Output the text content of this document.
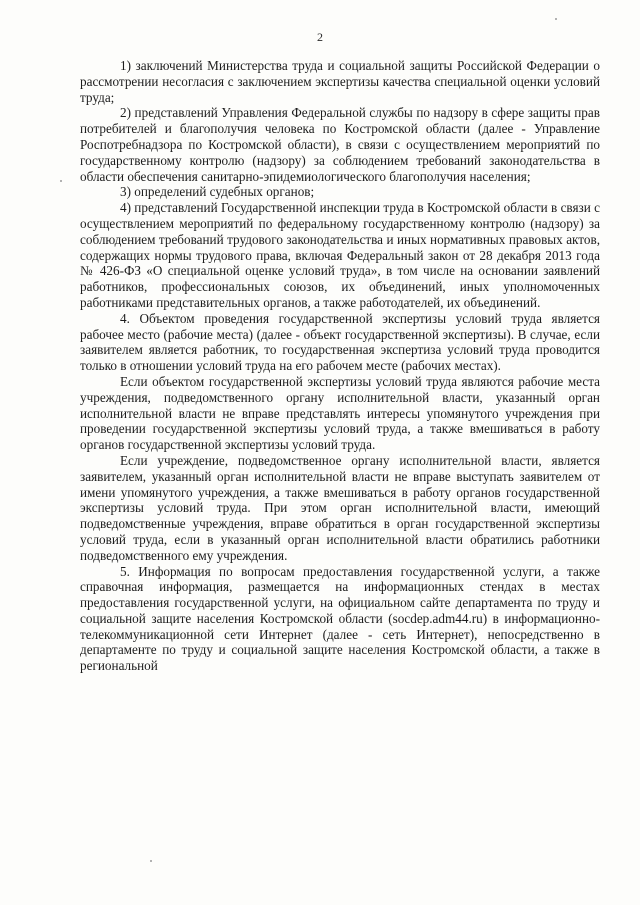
2

1) заключений Министерства труда и социальной защиты Российской Федерации о рассмотрении несогласия с заключением экспертизы качества специальной оценки условий труда;

2) представлений Управления Федеральной службы по надзору в сфере защиты прав потребителей и благополучия человека по Костромской области (далее - Управление Роспотребнадзора по Костромской области), в связи с осуществлением мероприятий по государственному контролю (надзору) за соблюдением требований законодательства в области обеспечения санитарно-эпидемиологического благополучия населения;

3) определений судебных органов;

4) представлений Государственной инспекции труда в Костромской области в связи с осуществлением мероприятий по федеральному государственному контролю (надзору) за соблюдением требований трудового законодательства и иных нормативных правовых актов, содержащих нормы трудового права, включая Федеральный закон от 28 декабря 2013 года № 426-ФЗ «О специальной оценке условий труда», в том числе на основании заявлений работников, профессиональных союзов, их объединений, иных уполномоченных работниками представительных органов, а также работодателей, их объединений.

4. Объектом проведения государственной экспертизы условий труда является рабочее место (рабочие места) (далее - объект государственной экспертизы). В случае, если заявителем является работник, то государственная экспертиза условий труда проводится только в отношении условий труда на его рабочем месте (рабочих местах).

Если объектом государственной экспертизы условий труда являются рабочие места учреждения, подведомственного органу исполнительной власти, указанный орган исполнительной власти не вправе представлять интересы упомянутого учреждения при проведении государственной экспертизы условий труда, а также вмешиваться в работу органов государственной экспертизы условий труда.

Если учреждение, подведомственное органу исполнительной власти, является заявителем, указанный орган исполнительной власти не вправе выступать заявителем от имени упомянутого учреждения, а также вмешиваться в работу органов государственной экспертизы условий труда. При этом орган исполнительной власти, имеющий подведомственные учреждения, вправе обратиться в орган государственной экспертизы условий труда, если в указанный орган исполнительной власти обратились работники подведомственного ему учреждения.

5. Информация по вопросам предоставления государственной услуги, а также справочная информация, размещается на информационных стендах в местах предоставления государственной услуги, на официальном сайте департамента по труду и социальной защите населения Костромской области (socdep.adm44.ru) в информационно-телекоммуникационной сети Интернет (далее - сеть Интернет), непосредственно в департаменте по труду и социальной защите населения Костромской области, а также в региональной
